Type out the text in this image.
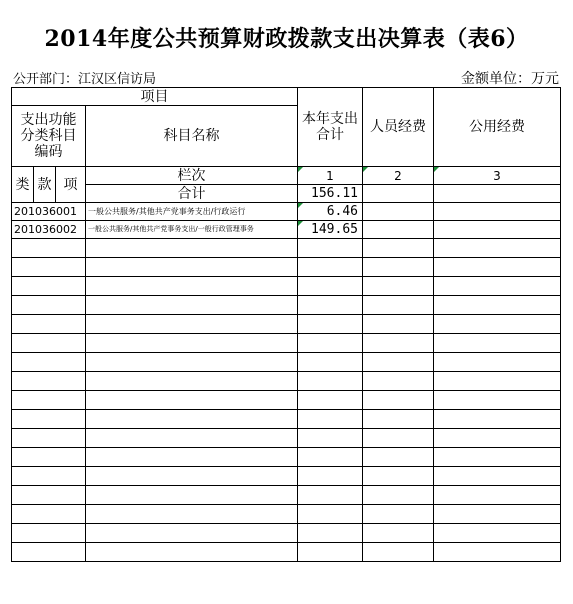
2014年度公共预算财政拨款支出决算表（表6）
公开部门：江汉区信访局	金额单位：万元
项目				本年支出合计	人员经费	公用经费
支出功能分类科目编码			科目名称			

类	款	项	栏次	1	2	3
			合计	156.11		
201036001			一般公共服务/其他共产党事务支出/行政运行	6.46		
201036002			一般公共服务/其他共产党事务支出/一般行政管理事务	149.65		
